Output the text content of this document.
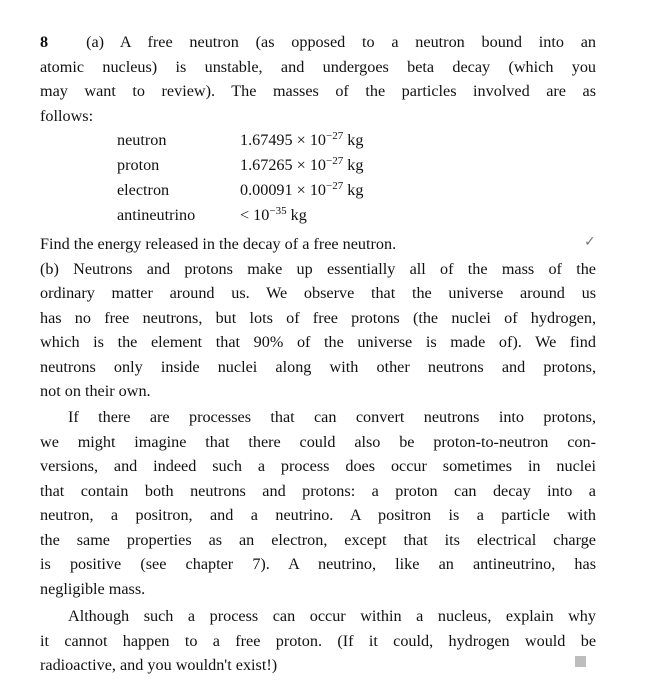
8 (a) A free neutron (as opposed to a neutron bound into an
atomic nucleus) is unstable, and undergoes beta decay (which you
may want to review). The masses of the particles involved are as
follows:
neutron	$1.67495 \times 10^{-27}$ kg
proton	$1.67265 \times 10^{-27}$ kg
electron	$0.00091 \times 10^{-27}$ kg
antineutrino	< $10^{-35}$ kg
Find the energy released in the decay of a free neutron.
(b) Neutrons and protons make up essentially all of the mass of the
ordinary matter around us. We observe that the universe around us
has no free neutrons, but lots of free protons (the nuclei of hydrogen,
which is the element that 90% of the universe is made of). We find
neutrons only inside nuclei along with other neutrons and protons,
not on their own.
✓
If there are processes that can convert neutrons into protons,
we might imagine that there could also be proton-to-neutron con-
versions, and indeed such a process does occur sometimes in nuclei
that contain both neutrons and protons: a proton can decay into a
neutron, a positron, and a neutrino. A positron is a particle with
the same properties as an electron, except that its electrical charge
is positive (see chapter 7). A neutrino, like an antineutrino, has
negligible mass.
Although such a process can occur within a nucleus, explain why
it cannot happen to a free proton. (If it could, hydrogen would be
radioactive, and you wouldn't exist!)
